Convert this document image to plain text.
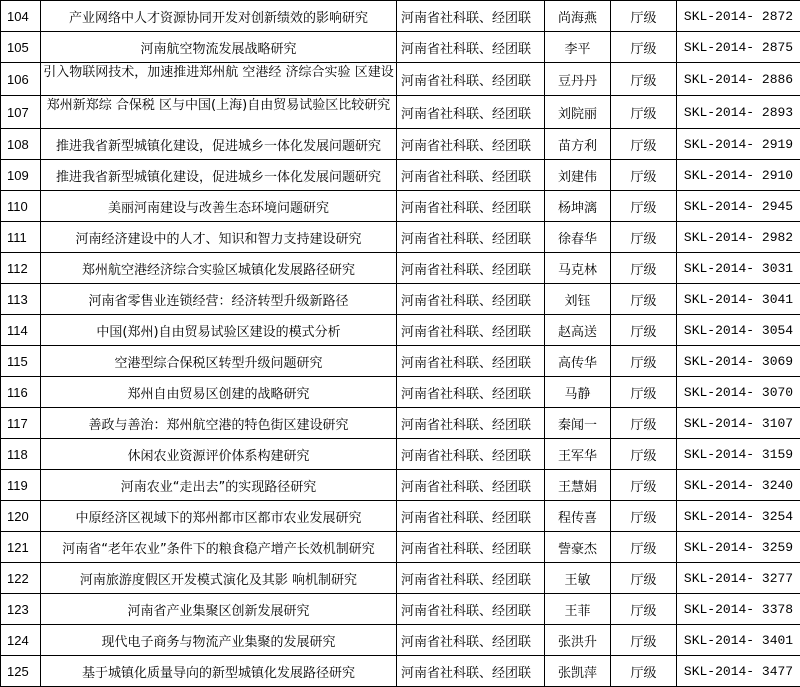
104	产业网络中人才资源协同开发对创新绩效的影响研究	河南省社科联、经团联	尚海燕	厅级	SKL-2014- 2872
105	河南航空物流发展战略研究	河南省社科联、经团联	李平	厅级	SKL-2014- 2875
106	引入物联网技术，加速推进郑州航 空港经 济综合实验 区建设	河南省社科联、经团联	豆丹丹	厅级	SKL-2014- 2886
107	郑州新郑综 合保税 区与中国(上海)自由贸易试验区比较研究	河南省社科联、经团联	刘院丽	厅级	SKL-2014- 2893
108	推进我省新型城镇化建设，促进城乡一体化发展问题研究	河南省社科联、经团联	苗方利	厅级	SKL-2014- 2919
109	推进我省新型城镇化建设，促进城乡一体化发展问题研究	河南省社科联、经团联	刘建伟	厅级	SKL-2014- 2910
110	美丽河南建设与改善生态环境问题研究	河南省社科联、经团联	杨坤漓	厅级	SKL-2014- 2945
111	河南经济建设中的人才、知识和智力支持建设研究	河南省社科联、经团联	徐春华	厅级	SKL-2014- 2982
112	郑州航空港经济综合实验区城镇化发展路径研究	河南省社科联、经团联	马克林	厅级	SKL-2014- 3031
113	河南省零售业连锁经营：经济转型升级新路径	河南省社科联、经团联	刘钰	厅级	SKL-2014- 3041
114	中国(郑州)自由贸易试验区建设的模式分析	河南省社科联、经团联	赵高送	厅级	SKL-2014- 3054
115	空港型综合保税区转型升级问题研究	河南省社科联、经团联	高传华	厅级	SKL-2014- 3069
116	郑州自由贸易区创建的战略研究	河南省社科联、经团联	马静	厅级	SKL-2014- 3070
117	善政与善治：郑州航空港的特色街区建设研究	河南省社科联、经团联	秦闻一	厅级	SKL-2014- 3107
118	休闲农业资源评价体系构建研究	河南省社科联、经团联	王军华	厅级	SKL-2014- 3159
119	河南农业“走出去”的实现路径研究	河南省社科联、经团联	王慧娟	厅级	SKL-2014- 3240
120	中原经济区视域下的郑州都市区都市农业发展研究	河南省社科联、经团联	程传喜	厅级	SKL-2014- 3254
121	河南省“老年农业”条件下的粮食稳产增产长效机制研究	河南省社科联、经团联	訾豪杰	厅级	SKL-2014- 3259
122	河南旅游度假区开发模式演化及其影 响机制研究	河南省社科联、经团联	王敏	厅级	SKL-2014- 3277
123	河南省产业集聚区创新发展研究	河南省社科联、经团联	王菲	厅级	SKL-2014- 3378
124	现代电子商务与物流产业集聚的发展研究	河南省社科联、经团联	张洪升	厅级	SKL-2014- 3401
125	基于城镇化质量导向的新型城镇化发展路径研究	河南省社科联、经团联	张凯萍	厅级	SKL-2014- 3477
